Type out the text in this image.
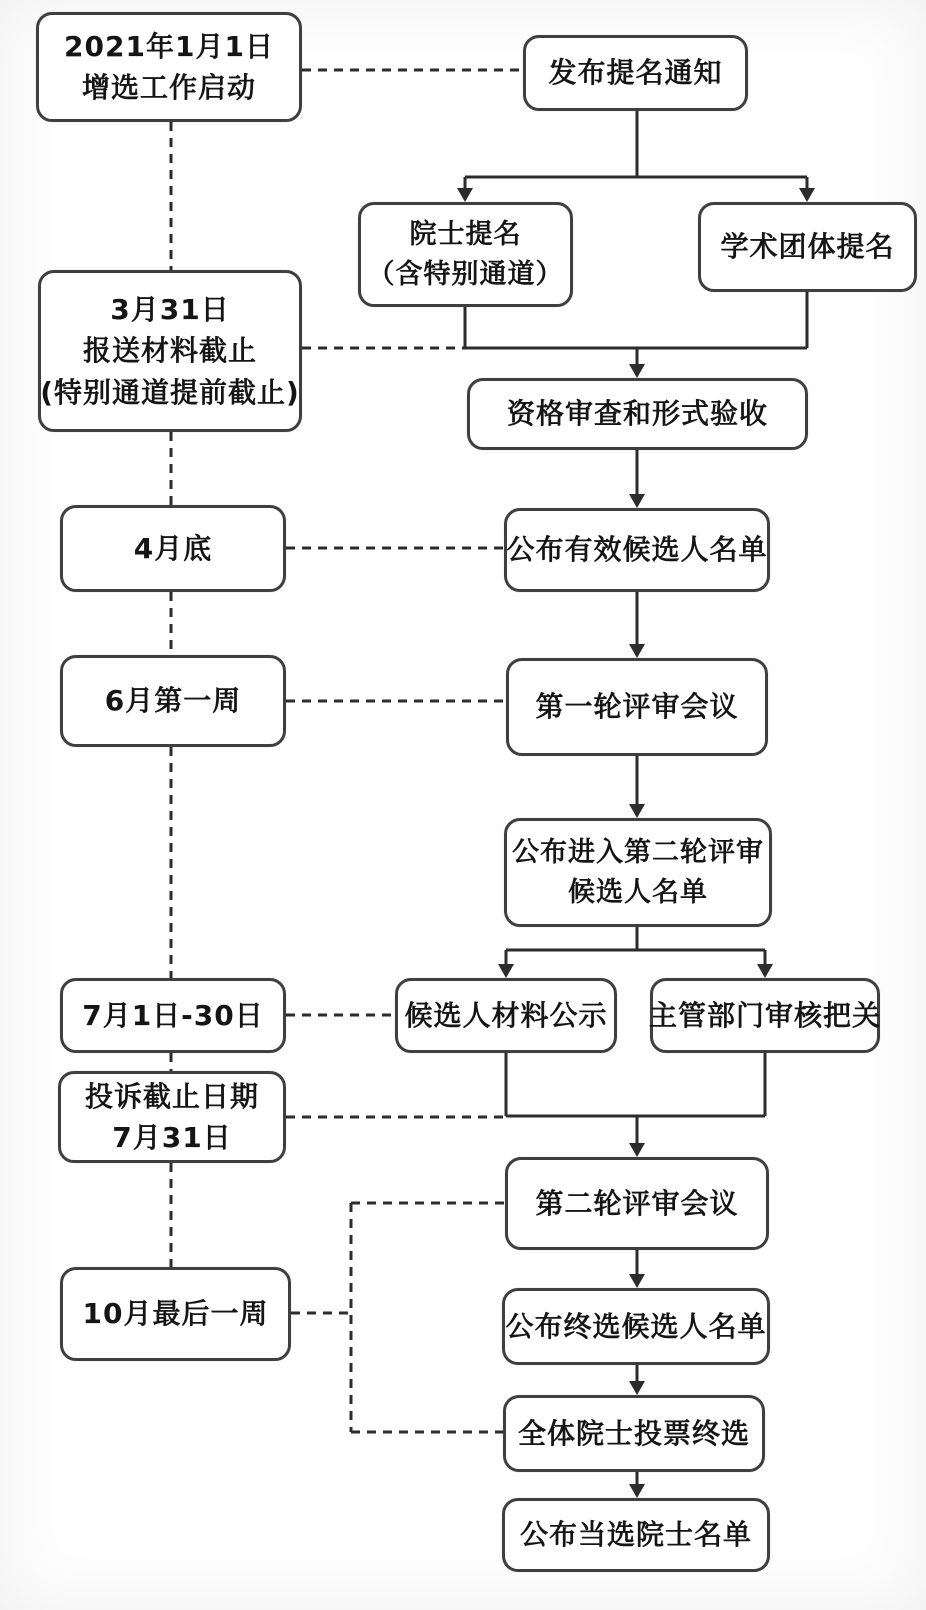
2021年1月1日
增选工作启动
3月31日
报送材料截止
(特别通道提前截止)
4月底
6月第一周
7月1日-30日
投诉截止日期
7月31日
10月最后一周
发布提名通知
院士提名
（含特别通道）
学术团体提名
资格审查和形式验收
公布有效候选人名单
第一轮评审会议
公布进入第二轮评审
候选人名单
候选人材料公示 主管部门审核把关
第二轮评审会议
公布终选候选人名单
全体院士投票终选
公布当选院士名单
